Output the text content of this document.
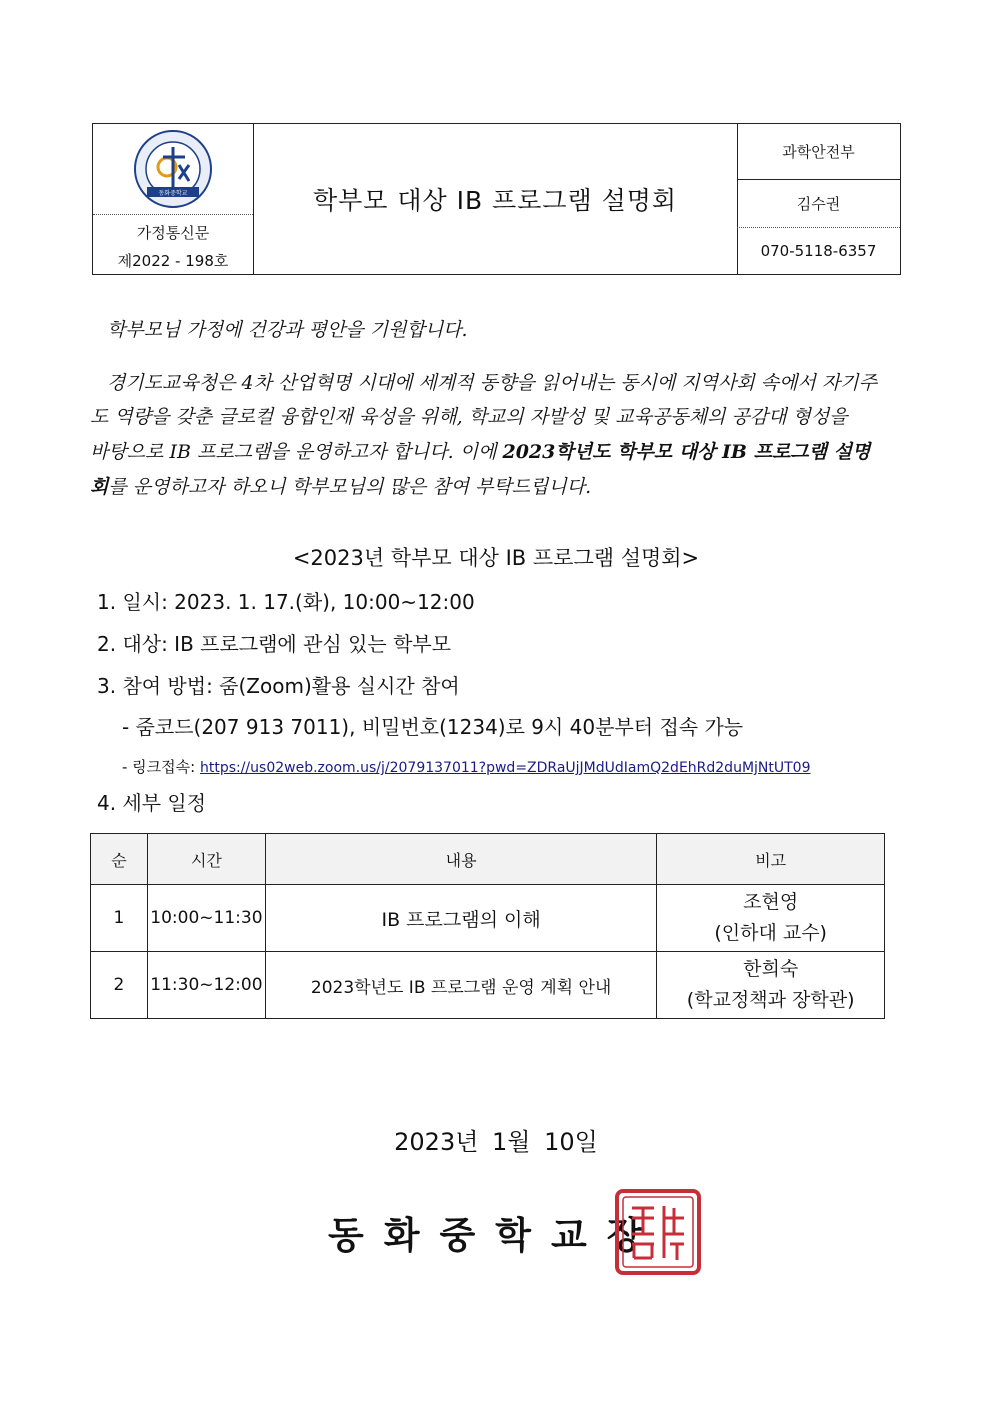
동화중학교
가정통신문
제2022 - 198호
학부모 대상 IB 프로그램 설명회
과학안전부
김수권
070-5118-6357
학부모님 가정에 건강과 평안을 기원합니다.
경기도교육청은 4차 산업혁명 시대에 세계적 동향을 읽어내는 동시에 지역사회 속에서 자기주
도 역량을 갖춘 글로컬 융합인재 육성을 위해, 학교의 자발성 및 교육공동체의 공감대 형성을
바탕으로 IB 프로그램을 운영하고자 합니다. 이에 2023학년도 학부모 대상 IB 프로그램 설명
회를 운영하고자 하오니 학부모님의 많은 참여 부탁드립니다.
<2023년 학부모 대상 IB 프로그램 설명회>
1. 일시: 2023. 1. 17.(화), 10:00~12:00
2. 대상: IB 프로그램에 관심 있는 학부모
3. 참여 방법: 줌(Zoom)활용 실시간 참여
- 줌코드(207 913 7011), 비밀번호(1234)로 9시 40분부터 접속 가능
- 링크접속: https://us02web.zoom.us/j/2079137011?pwd=ZDRaUjJMdUdIamQ2dEhRd2duMjNtUT09
4. 세부 일정
순	시간	내용	비고
1	10:00~11:30	IB 프로그램의 이해	조현영
(인하대 교수)

2	11:30~12:00	2023학년도 IB 프로그램 운영 계획 안내	한희숙
(학교정책과 장학관)
2023년 1월 10일
동화중학교장
